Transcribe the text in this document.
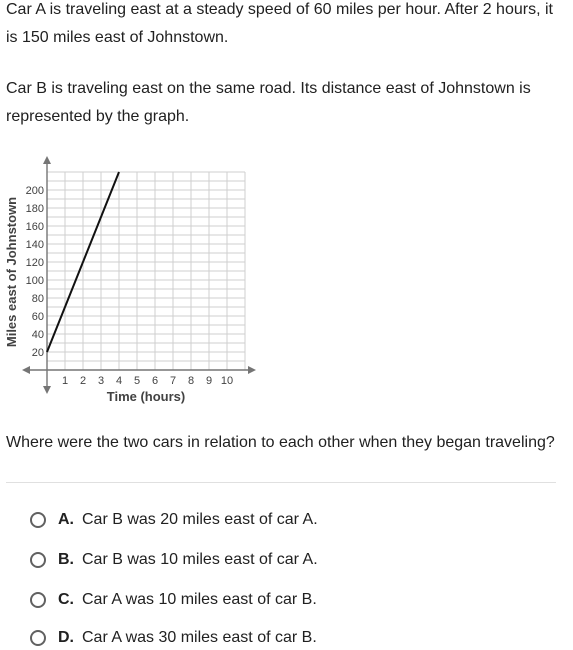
Car A is traveling east at a steady speed of 60 miles per hour. After 2 hours, it is 150 miles east of Johnstown.

Car B is traveling east on the same road. Its distance east of Johnstown is represented by the graph.

1 2 3 4 5 6 7 8 9 10
20
40
60
80
100
120
140
160
180
200
Time (hours)
Miles east of Johnstown

Where were the two cars in relation to each other when they began traveling?

A. Car B was 20 miles east of car A.
B. Car B was 10 miles east of car A.
C. Car A was 10 miles east of car B.
D. Car A was 30 miles east of car B.
